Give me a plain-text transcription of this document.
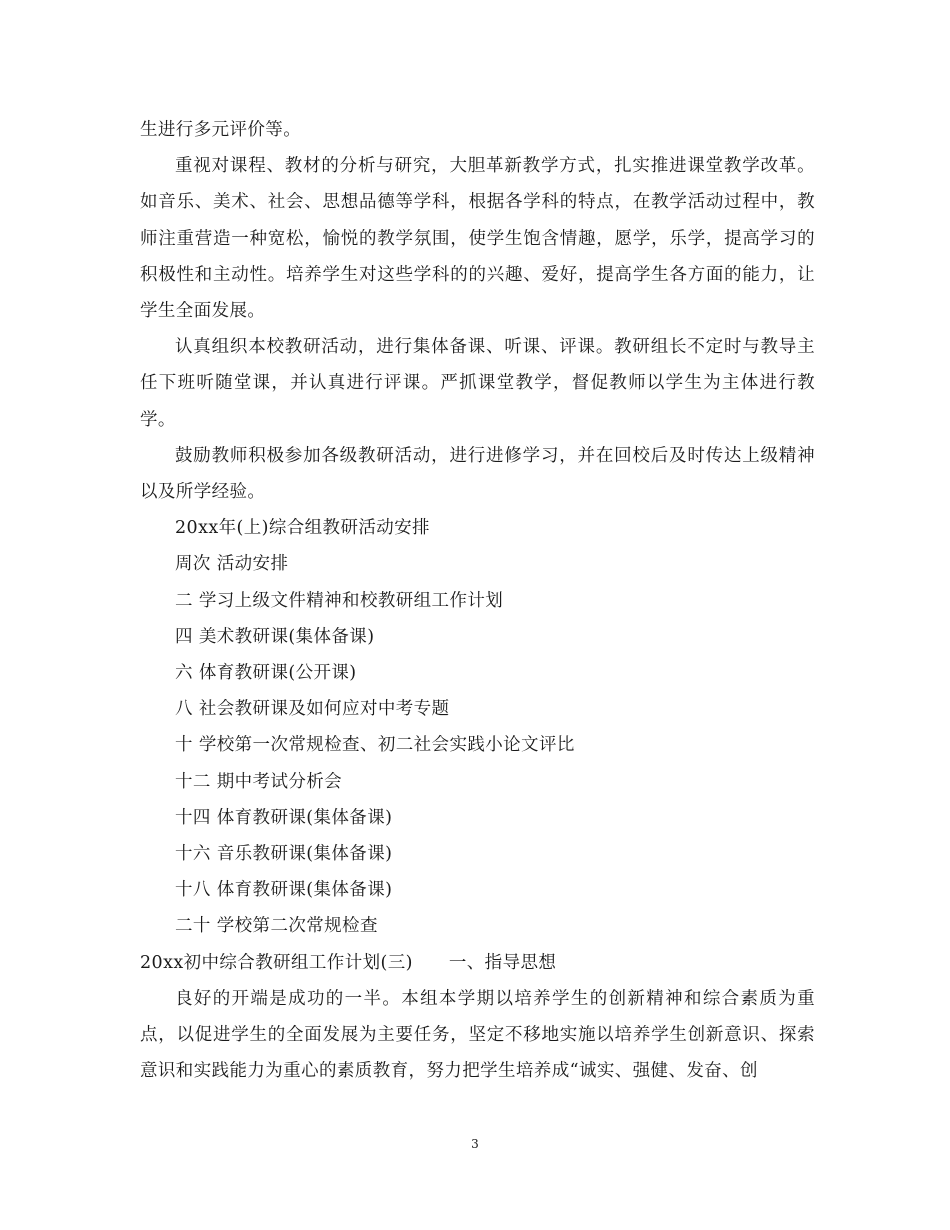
生进行多元评价等。

重视对课程、教材的分析与研究，大胆革新教学方式，扎实推进课堂教学改革。如音乐、美术、社会、思想品德等学科，根据各学科的特点，在教学活动过程中，教师注重营造一种宽松，愉悦的教学氛围，使学生饱含情趣，愿学，乐学，提高学习的积极性和主动性。培养学生对这些学科的的兴趣、爱好，提高学生各方面的能力，让学生全面发展。

认真组织本校教研活动，进行集体备课、听课、评课。教研组长不定时与教导主任下班听随堂课，并认真进行评课。严抓课堂教学，督促教师以学生为主体进行教学。

鼓励教师积极参加各级教研活动，进行进修学习，并在回校后及时传达上级精神以及所学经验。

20xx年(上)综合组教研活动安排

周次 活动安排

二 学习上级文件精神和校教研组工作计划

四 美术教研课(集体备课)

六 体育教研课(公开课)

八 社会教研课及如何应对中考专题

十 学校第一次常规检查、初二社会实践小论文评比

十二 期中考试分析会

十四 体育教研课(集体备课)

十六 音乐教研课(集体备课)

十八 体育教研课(集体备课)

二十 学校第二次常规检查

20xx初中综合教研组工作计划(三) 一、指导思想

良好的开端是成功的一半。本组本学期以培养学生的创新精神和综合素质为重点，以促进学生的全面发展为主要任务，坚定不移地实施以培养学生创新意识、探索意识和实践能力为重心的素质教育，努力把学生培养成“诚实、强健、发奋、创

3
